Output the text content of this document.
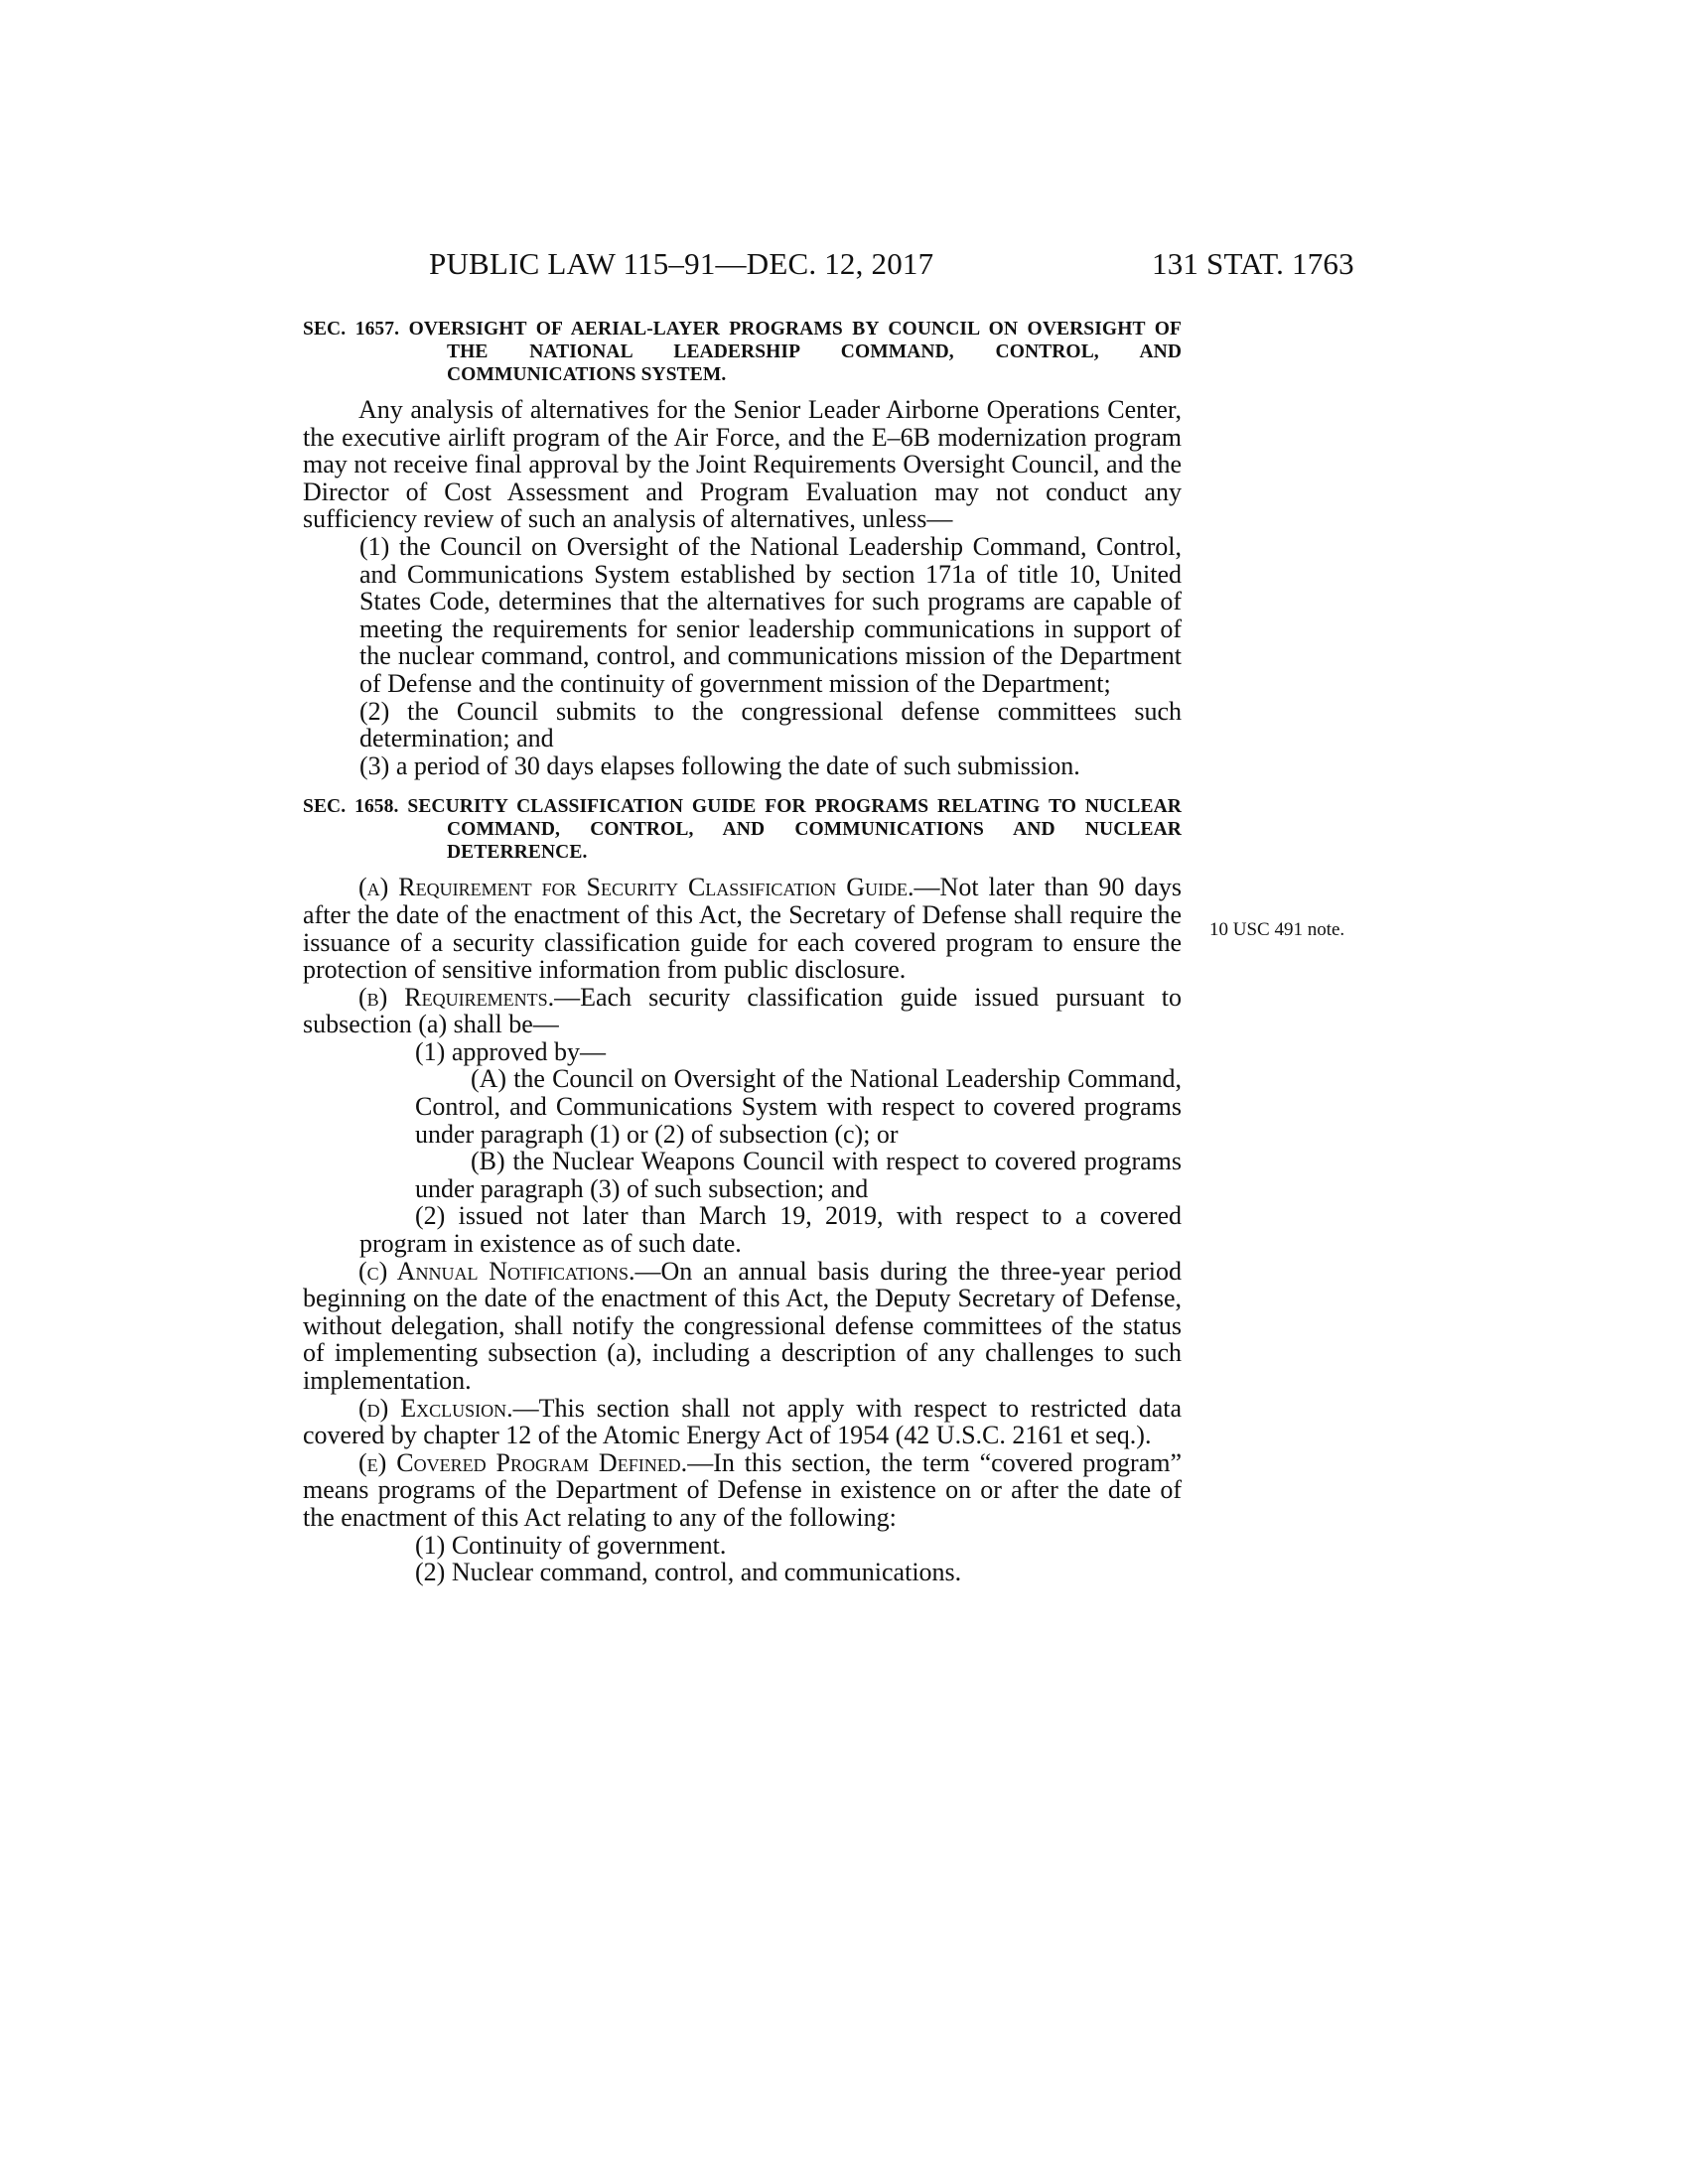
PUBLIC LAW 115–91—DEC. 12, 2017	131 STAT. 1763
10 USC 491 note.
SEC. 1657. OVERSIGHT OF AERIAL-LAYER PROGRAMS BY COUNCIL ON OVERSIGHT OF THE NATIONAL LEADERSHIP COMMAND, CONTROL, AND COMMUNICATIONS SYSTEM.

Any analysis of alternatives for the Senior Leader Airborne Operations Center, the executive airlift program of the Air Force, and the E–6B modernization program may not receive final approval by the Joint Requirements Oversight Council, and the Director of Cost Assessment and Program Evaluation may not conduct any sufficiency review of such an analysis of alternatives, unless—

(1) the Council on Oversight of the National Leadership Command, Control, and Communications System established by section 171a of title 10, United States Code, determines that the alternatives for such programs are capable of meeting the requirements for senior leadership communications in support of the nuclear command, control, and communications mission of the Department of Defense and the continuity of government mission of the Department;

(2) the Council submits to the congressional defense committees such determination; and

(3) a period of 30 days elapses following the date of such submission.

SEC. 1658. SECURITY CLASSIFICATION GUIDE FOR PROGRAMS RELATING TO NUCLEAR COMMAND, CONTROL, AND COMMUNICATIONS AND NUCLEAR DETERRENCE.

(a) Requirement for Security Classification Guide.—Not later than 90 days after the date of the enactment of this Act, the Secretary of Defense shall require the issuance of a security classification guide for each covered program to ensure the protection of sensitive information from public disclosure.

(b) Requirements.—Each security classification guide issued pursuant to subsection (a) shall be—

(1) approved by—

(A) the Council on Oversight of the National Leadership Command, Control, and Communications System with respect to covered programs under paragraph (1) or (2) of subsection (c); or

(B) the Nuclear Weapons Council with respect to covered programs under paragraph (3) of such subsection; and

(2) issued not later than March 19, 2019, with respect to a covered program in existence as of such date.

(c) Annual Notifications.—On an annual basis during the three-year period beginning on the date of the enactment of this Act, the Deputy Secretary of Defense, without delegation, shall notify the congressional defense committees of the status of implementing subsection (a), including a description of any challenges to such implementation.

(d) Exclusion.—This section shall not apply with respect to restricted data covered by chapter 12 of the Atomic Energy Act of 1954 (42 U.S.C. 2161 et seq.).

(e) Covered Program Defined.—In this section, the term “covered program” means programs of the Department of Defense in existence on or after the date of the enactment of this Act relating to any of the following:

(1) Continuity of government.

(2) Nuclear command, control, and communications.
